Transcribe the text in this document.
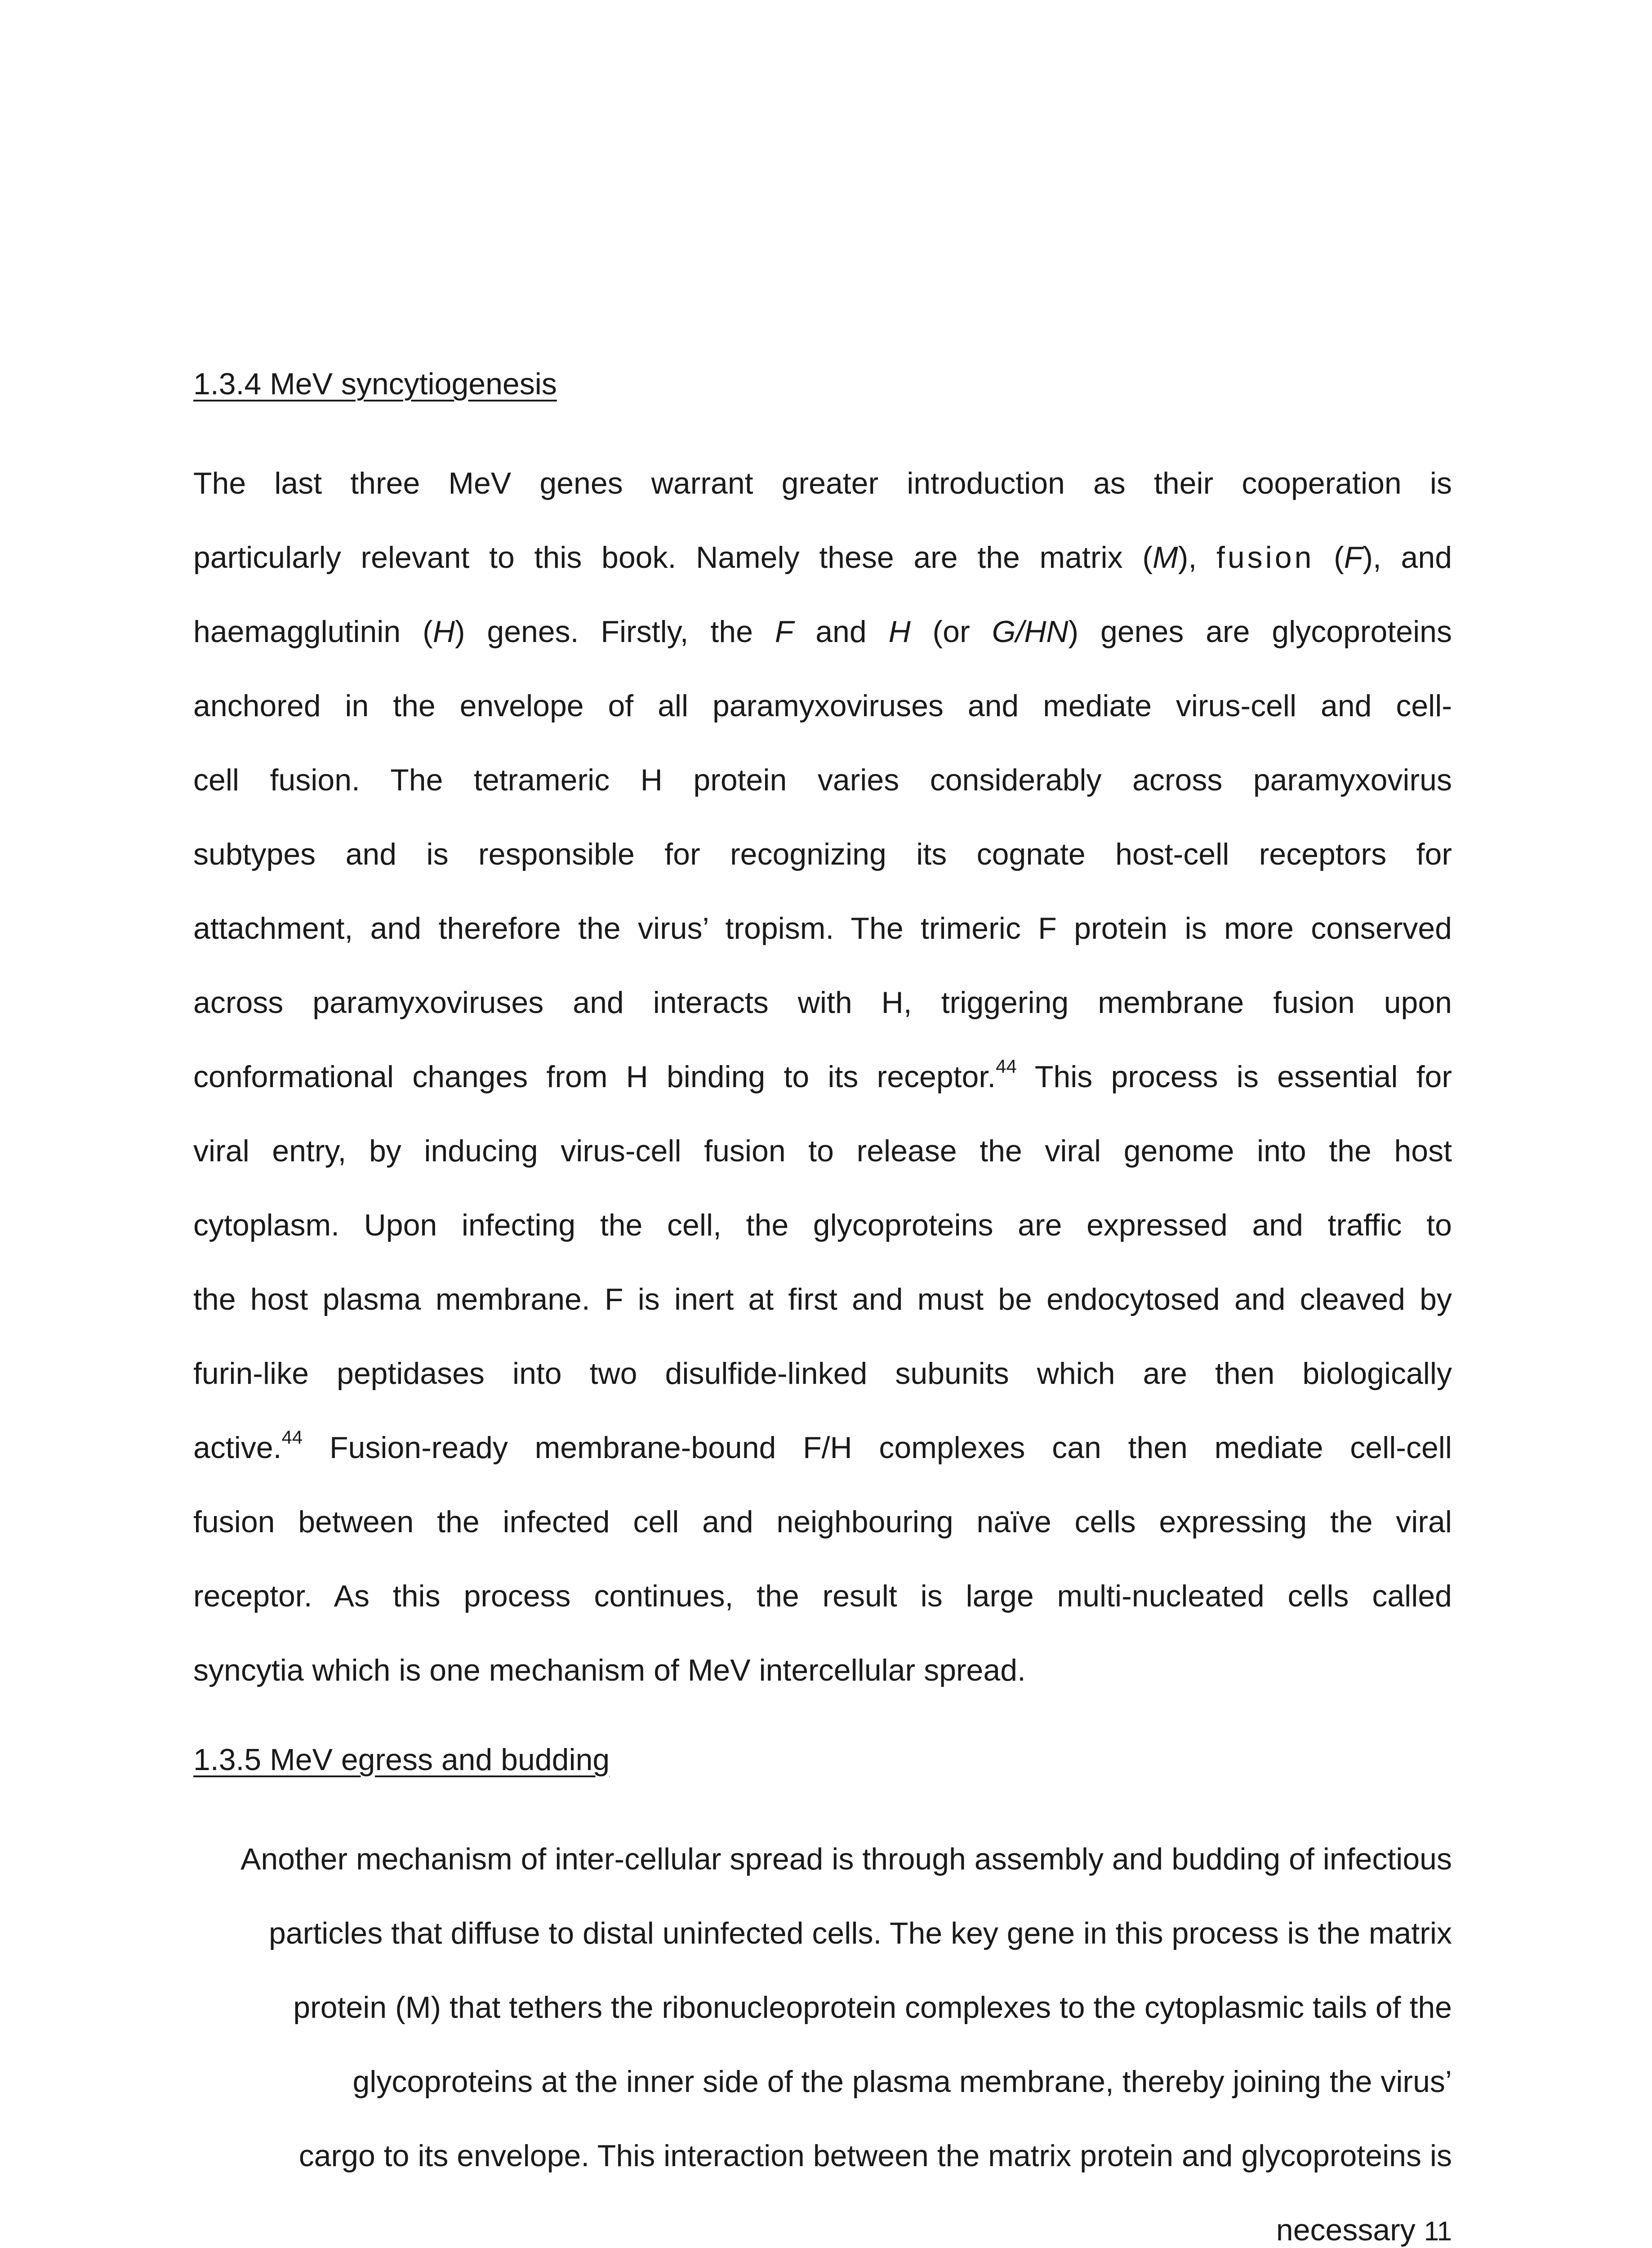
1.3.4 MeV syncytiogenesis
The last three MeV genes warrant greater introduction as their cooperation is
particularly relevant to this book. Namely these are the matrix (M), fusion (F), and
haemagglutinin (H) genes. Firstly, the F and H (or G/HN) genes are glycoproteins
anchored in the envelope of all paramyxoviruses and mediate virus-cell and cell-
cell fusion. The tetrameric H protein varies considerably across paramyxovirus
subtypes and is responsible for recognizing its cognate host-cell receptors for
attachment, and therefore the virus’ tropism. The trimeric F protein is more conserved
across paramyxoviruses and interacts with H, triggering membrane fusion upon
conformational changes from H binding to its receptor.$^{44}$ This process is essential for
viral entry, by inducing virus-cell fusion to release the viral genome into the host
cytoplasm. Upon infecting the cell, the glycoproteins are expressed and traffic to
the host plasma membrane. F is inert at first and must be endocytosed and cleaved by
furin-like peptidases into two disulfide-linked subunits which are then biologically
active.$^{44}$ Fusion-ready membrane-bound F/H complexes can then mediate cell-cell
fusion between the infected cell and neighbouring naïve cells expressing the viral
receptor. As this process continues, the result is large multi-nucleated cells called
syncytia which is one mechanism of MeV intercellular spread.
1.3.5 MeV egress and budding
Another mechanism of inter-cellular spread is through assembly and budding of infectious
particles that diffuse to distal uninfected cells. The key gene in this process is the matrix
protein (M) that tethers the ribonucleoprotein complexes to the cytoplasmic tails of the
glycoproteins at the inner side of the plasma membrane, thereby joining the virus’
cargo to its envelope. This interaction between the matrix protein and glycoproteins is
necessary 11
